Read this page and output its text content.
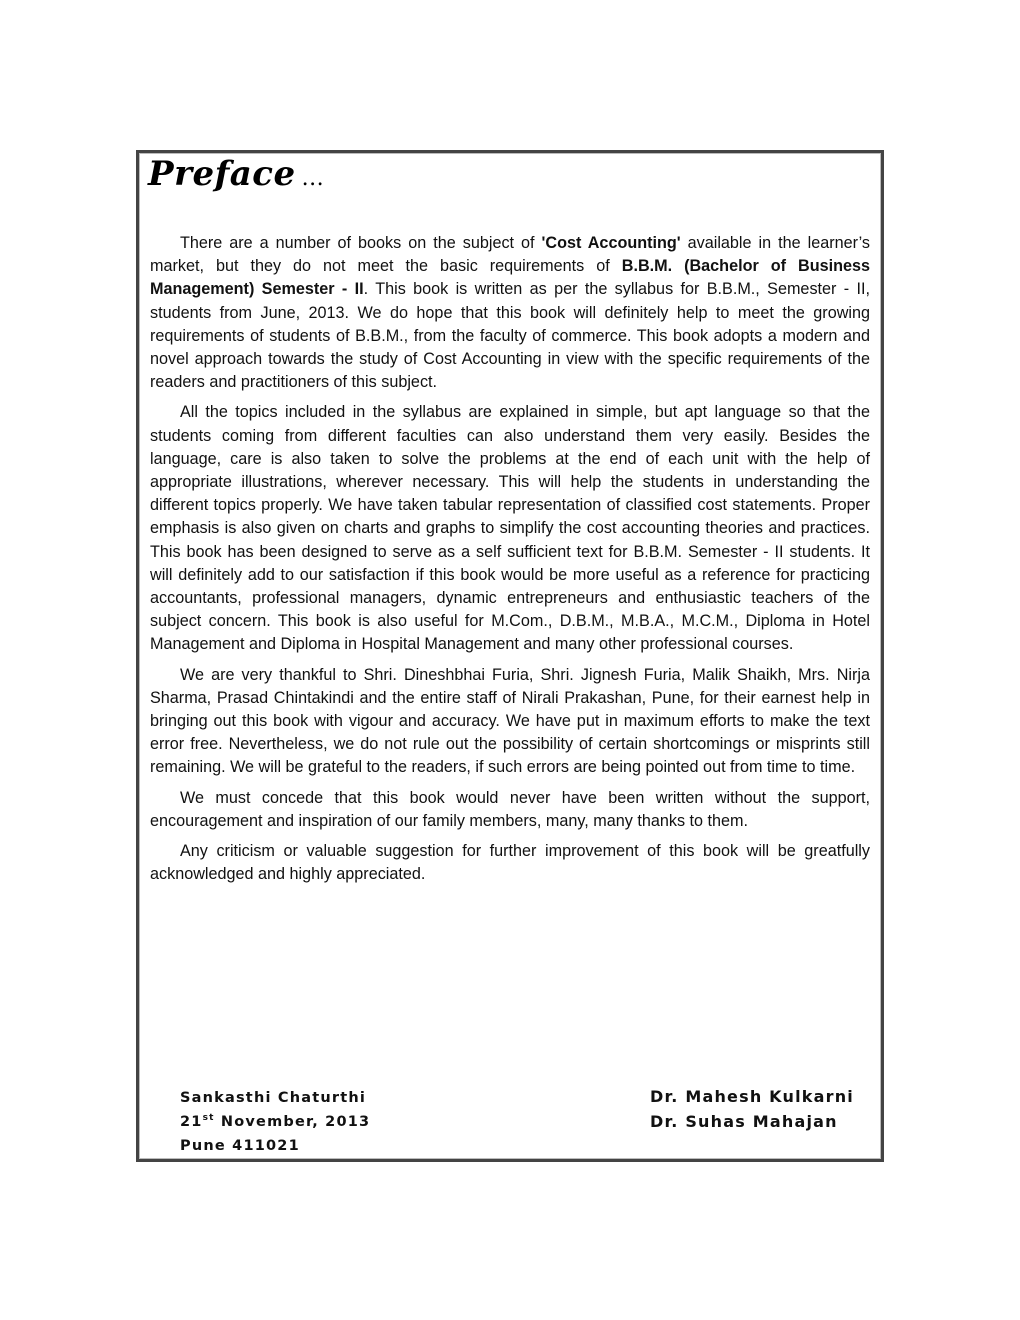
Preface ...

There are a number of books on the subject of 'Cost Accounting' available in the learner’s market, but they do not meet the basic requirements of B.B.M. (Bachelor of Business Management) Semester - II. This book is written as per the syllabus for B.B.M., Semester - II, students from June, 2013. We do hope that this book will definitely help to meet the growing requirements of students of B.B.M., from the faculty of commerce. This book adopts a modern and novel approach towards the study of Cost Accounting in view with the specific requirements of the readers and practitioners of this subject.

All the topics included in the syllabus are explained in simple, but apt language so that the students coming from different faculties can also understand them very easily. Besides the language, care is also taken to solve the problems at the end of each unit with the help of appropriate illustrations, wherever necessary. This will help the students in understanding the different topics properly. We have taken tabular representation of classified cost statements. Proper emphasis is also given on charts and graphs to simplify the cost accounting theories and practices. This book has been designed to serve as a self sufficient text for B.B.M. Semester - II students. It will definitely add to our satisfaction if this book would be more useful as a reference for practicing accountants, professional managers, dynamic entrepreneurs and enthusiastic teachers of the subject concern. This book is also useful for M.Com., D.B.M., M.B.A., M.C.M., Diploma in Hotel Management and Diploma in Hospital Management and many other professional courses.

We are very thankful to Shri. Dineshbhai Furia, Shri. Jignesh Furia, Malik Shaikh, Mrs. Nirja Sharma, Prasad Chintakindi and the entire staff of Nirali Prakashan, Pune, for their earnest help in bringing out this book with vigour and accuracy. We have put in maximum efforts to make the text error free. Nevertheless, we do not rule out the possibility of certain shortcomings or misprints still remaining. We will be grateful to the readers, if such errors are being pointed out from time to time.

We must concede that this book would never have been written without the support, encouragement and inspiration of our family members, many, many thanks to them.

Any criticism or valuable suggestion for further improvement of this book will be greatfully acknowledged and highly appreciated.

Sankasthi Chaturthi
21st November, 2013
Pune 411021
Dr. Mahesh Kulkarni
Dr. Suhas Mahajan
